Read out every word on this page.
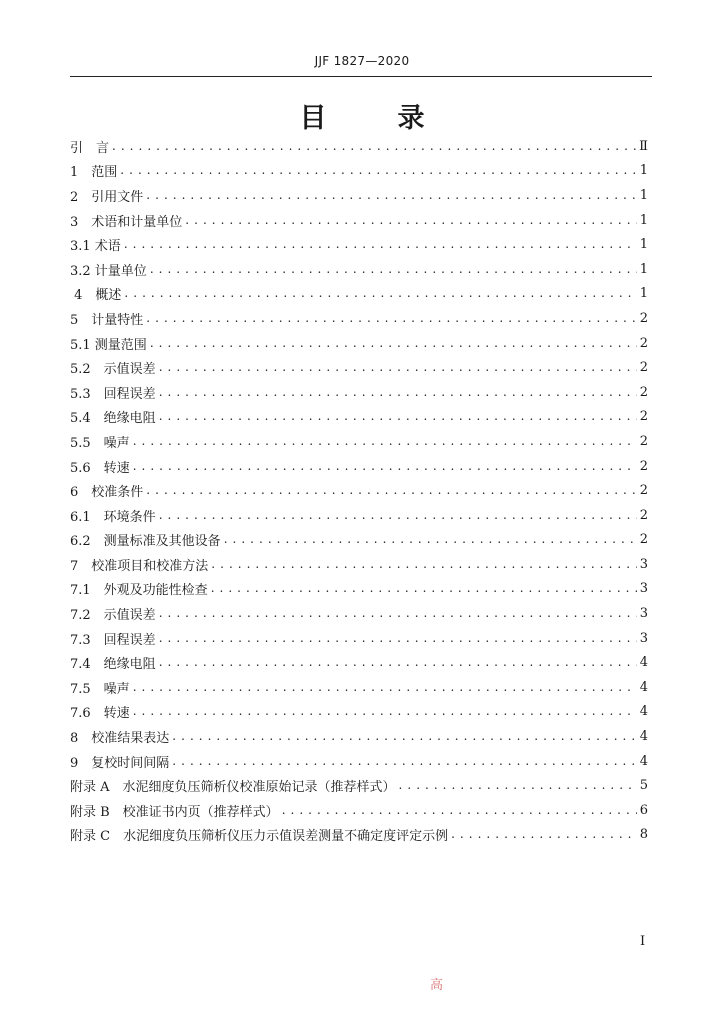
JJF 1827—2020
目　录
引　言 . . .	Ⅱ
1　范围 . . .	1
2　引用文件 . . .	1
3　术语和计量单位 . . .	1
3.1 术语 . . .	1
3.2 计量单位 . . .	1
4　概述 . . .	1
5　计量特性 . . .	2
5.1 测量范围 . . .	2
5.2　示值误差 . . .	2
5.3　回程误差 . . .	2
5.4　绝缘电阻 . . .	2
5.5　噪声 . . .	2
5.6　转速 . . .	2
6　校准条件 . . .	2
6.1　环境条件 . . .	2
6.2　测量标准及其他设备 . . .	2
7　校准项目和校准方法 . . .	3
7.1　外观及功能性检查 . . .	3
7.2　示值误差 . . .	3
7.3　回程误差 . . .	3
7.4　绝缘电阻 . . .	4
7.5　噪声 . . .	4
7.6　转速 . . .	4
8　校准结果表达 . . .	4
9　复校时间间隔 . . .	4
附录 A　水泥细度负压筛析仪校准原始记录（推荐样式） . . .	5
附录 B　校准证书内页（推荐样式） . . .	6
附录 C　水泥细度负压筛析仪压力示值误差测量不确定度评定示例 . . .	8
I
高
